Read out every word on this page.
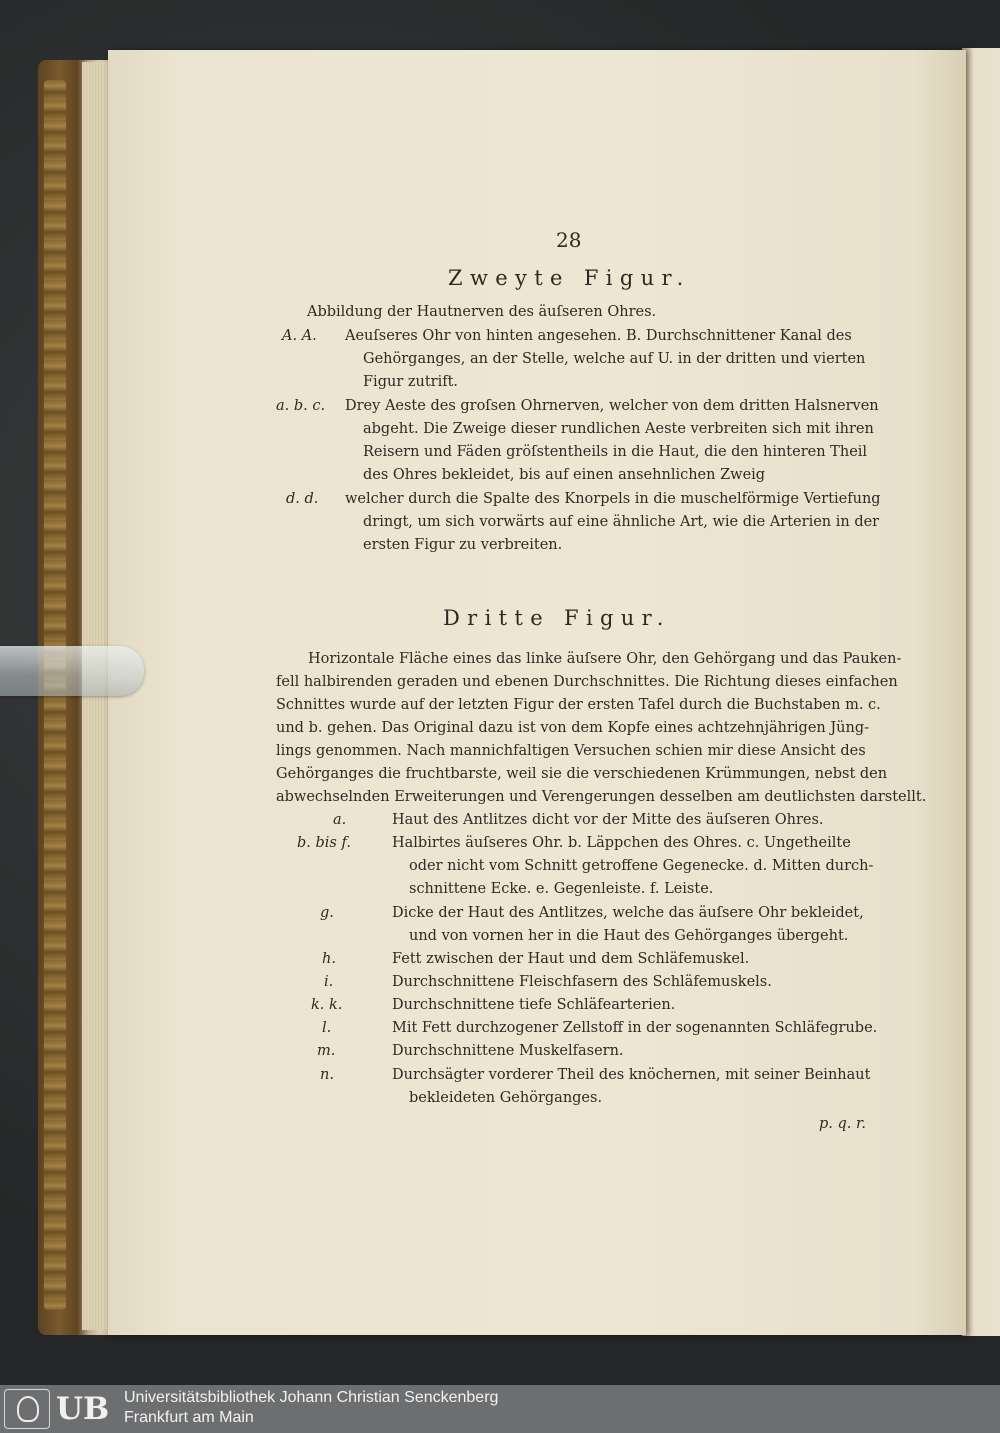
28
Zweyte Figur.
Abbildung der Hautnerven des äuſseren Ohres.
A. A. Aeuſseres Ohr von hinten angesehen. B. Durchschnittener Kanal des
Gehörganges, an der Stelle, welche auf U. in der dritten und vierten
Figur zutrift.
a. b. c. Drey Aeste des groſsen Ohrnerven, welcher von dem dritten Halsnerven
abgeht. Die Zweige dieser rundlichen Aeste verbreiten sich mit ihren
Reisern und Fäden gröſstentheils in die Haut, die den hinteren Theil
des Ohres bekleidet, bis auf einen ansehnlichen Zweig
d. d. welcher durch die Spalte des Knorpels in die muschelförmige Vertiefung
dringt, um sich vorwärts auf eine ähnliche Art, wie die Arterien in der
ersten Figur zu verbreiten.
Dritte Figur.
Horizontale Fläche eines das linke äuſsere Ohr, den Gehörgang und das Pauken-
fell halbirenden geraden und ebenen Durchschnittes. Die Richtung dieses einfachen
Schnittes wurde auf der letzten Figur der ersten Tafel durch die Buchstaben m. c.
und b. gehen. Das Original dazu ist von dem Kopfe eines achtzehnjährigen Jüng-
lings genommen. Nach mannichfaltigen Versuchen schien mir diese Ansicht des
Gehörganges die fruchtbarste, weil sie die verschiedenen Krümmungen, nebst den
abwechselnden Erweiterungen und Verengerungen desselben am deutlichsten darstellt.
a.	Haut des Antlitzes dicht vor der Mitte des äuſseren Ohres.
b. bis f.	Halbirtes äuſseres Ohr. b. Läppchen des Ohres. c. Ungetheilte
oder nicht vom Schnitt getroffene Gegenecke. d. Mitten durch-
schnittene Ecke. e. Gegenleiste. f. Leiste.
g.	Dicke der Haut des Antlitzes, welche das äuſsere Ohr bekleidet,
und von vornen her in die Haut des Gehörganges übergeht.
h.	Fett zwischen der Haut und dem Schläfemuskel.
i.	Durchschnittene Fleischfasern des Schläfemuskels.
k. k.	Durchschnittene tiefe Schläfearterien.
l.	Mit Fett durchzogener Zellstoff in der sogenannten Schläfegrube.
m.	Durchschnittene Muskelfasern.
n.	Durchsägter vorderer Theil des knöchernen, mit seiner Beinhaut
bekleideten Gehörganges.
p. q. r.
UB Universitätsbibliothek Johann Christian Senckenberg
Frankfurt am Main
